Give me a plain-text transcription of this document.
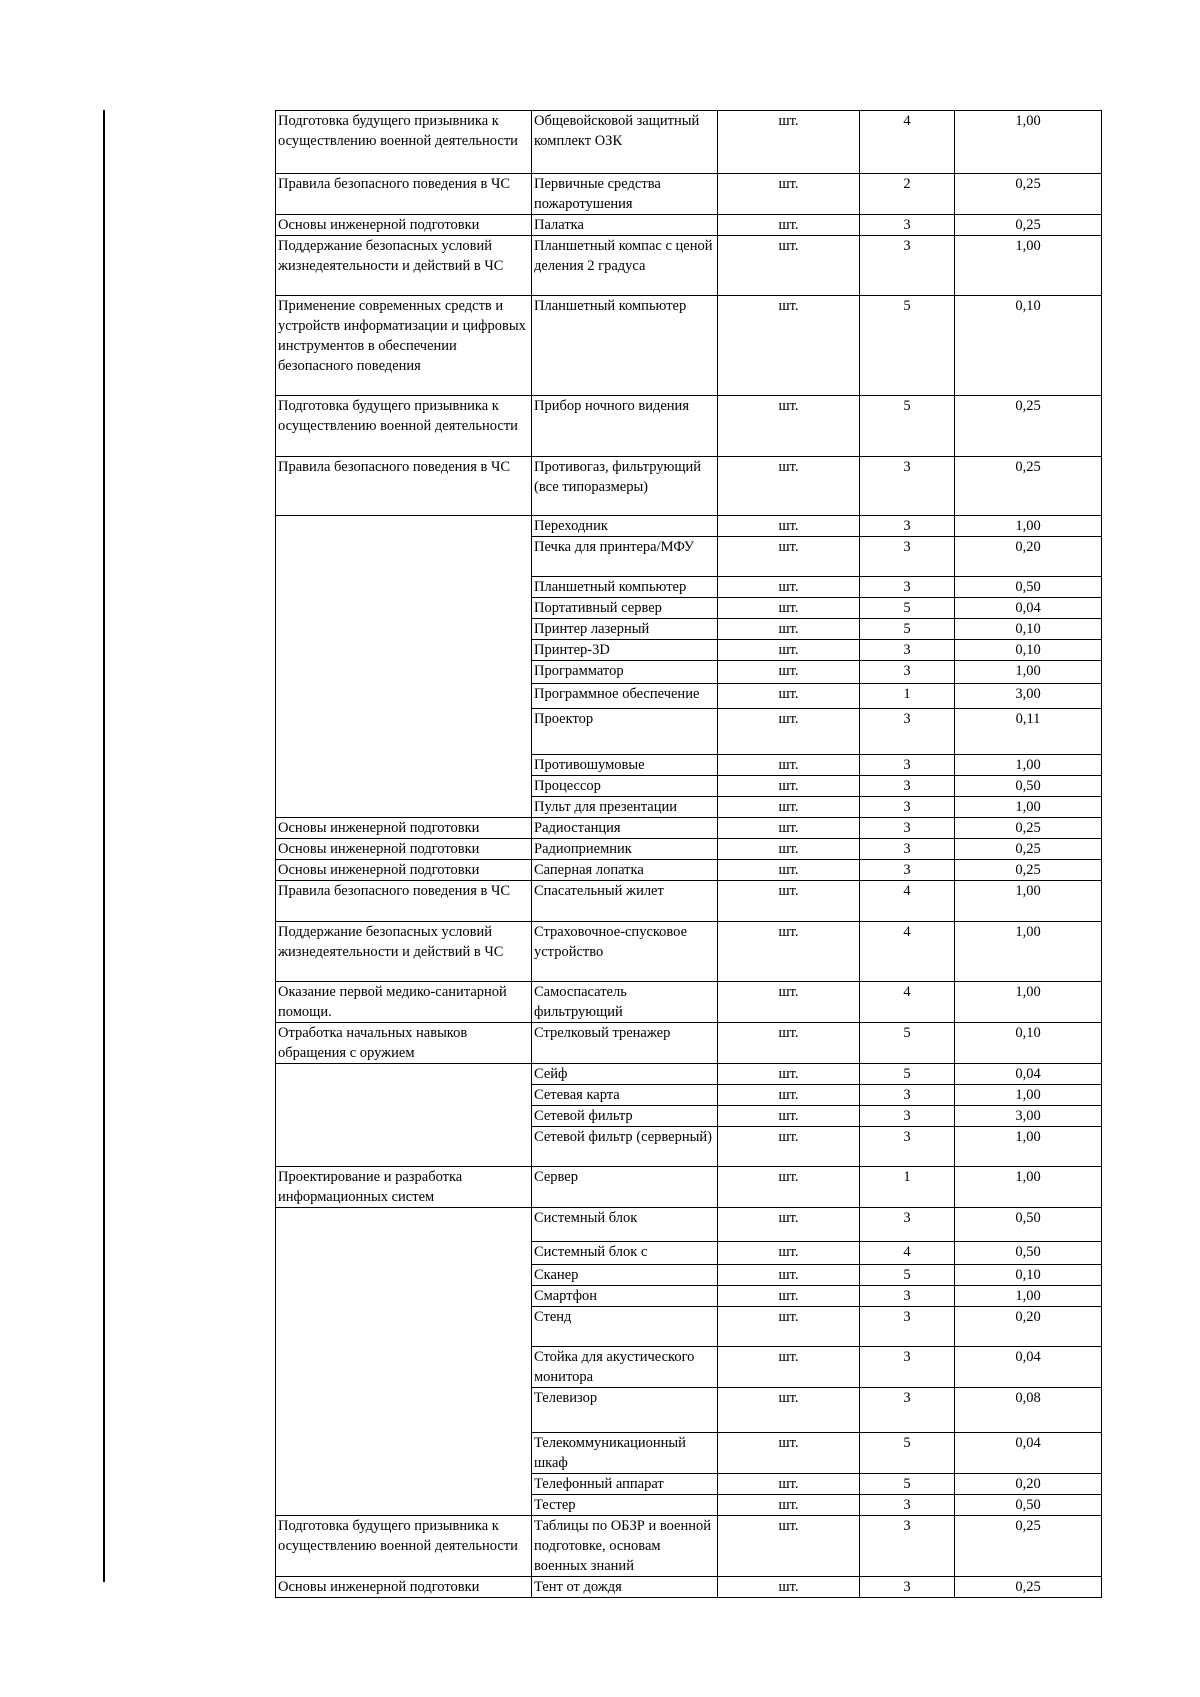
Подготовка будущего призывника к осуществлению военной деятельности	Общевойсковой защитный комплект ОЗК	шт.	4	1,00
Правила безопасного поведения в ЧС	Первичные средства пожаротушения	шт.	2	0,25
Основы инженерной подготовки	Палатка	шт.	3	0,25
Поддержание безопасных условий жизнедеятельности и действий в ЧС	Планшетный компас с ценой деления 2 градуса	шт.	3	1,00
Применение современных средств и устройств информатизации и цифровых инструментов в обеспечении безопасного поведения	Планшетный компьютер	шт.	5	0,10
Подготовка будущего призывника к осуществлению военной деятельности	Прибор ночного видения	шт.	5	0,25
Правила безопасного поведения в ЧС	Противогаз, фильтрующий (все типоразмеры)	шт.	3	0,25
	Переходник	шт.	3	1,00
	Печка для принтера/МФУ	шт.	3	0,20
	Планшетный компьютер	шт.	3	0,50
	Портативный сервер	шт.	5	0,04
	Принтер лазерный	шт.	5	0,10
	Принтер-3D	шт.	3	0,10
	Программатор	шт.	3	1,00
	Программное обеспечение	шт.	1	3,00
	Проектор	шт.	3	0,11
	Противошумовые	шт.	3	1,00
	Процессор	шт.	3	0,50
	Пульт для презентации	шт.	3	1,00
Основы инженерной подготовки	Радиостанция	шт.	3	0,25
Основы инженерной подготовки	Радиоприемник	шт.	3	0,25
Основы инженерной подготовки	Саперная лопатка	шт.	3	0,25
Правила безопасного поведения в ЧС	Спасательный жилет	шт.	4	1,00
Поддержание безопасных условий жизнедеятельности и действий в ЧС	Страховочное-спусковое устройство	шт.	4	1,00
Оказание первой медико-санитарной помощи.	Самоспасатель фильтрующий	шт.	4	1,00
Отработка начальных навыков обращения с оружием	Стрелковый тренажер	шт.	5	0,10
	Сейф	шт.	5	0,04
	Сетевая карта	шт.	3	1,00
	Сетевой фильтр	шт.	3	3,00
	Сетевой фильтр (серверный)	шт.	3	1,00
Проектирование и разработка информационных систем	Сервер	шт.	1	1,00
	Системный блок	шт.	3	0,50
	Системный блок с	шт.	4	0,50
	Сканер	шт.	5	0,10
	Смартфон	шт.	3	1,00
	Стенд	шт.	3	0,20
	Стойка для акустического монитора	шт.	3	0,04
	Телевизор	шт.	3	0,08
	Телекоммуникационный шкаф	шт.	5	0,04
	Телефонный аппарат	шт.	5	0,20
	Тестер	шт.	3	0,50
Подготовка будущего призывника к осуществлению военной деятельности	Таблицы по ОБЗР и военной подготовке, основам военных знаний	шт.	3	0,25
Основы инженерной подготовки	Тент от дождя	шт.	3	0,25
